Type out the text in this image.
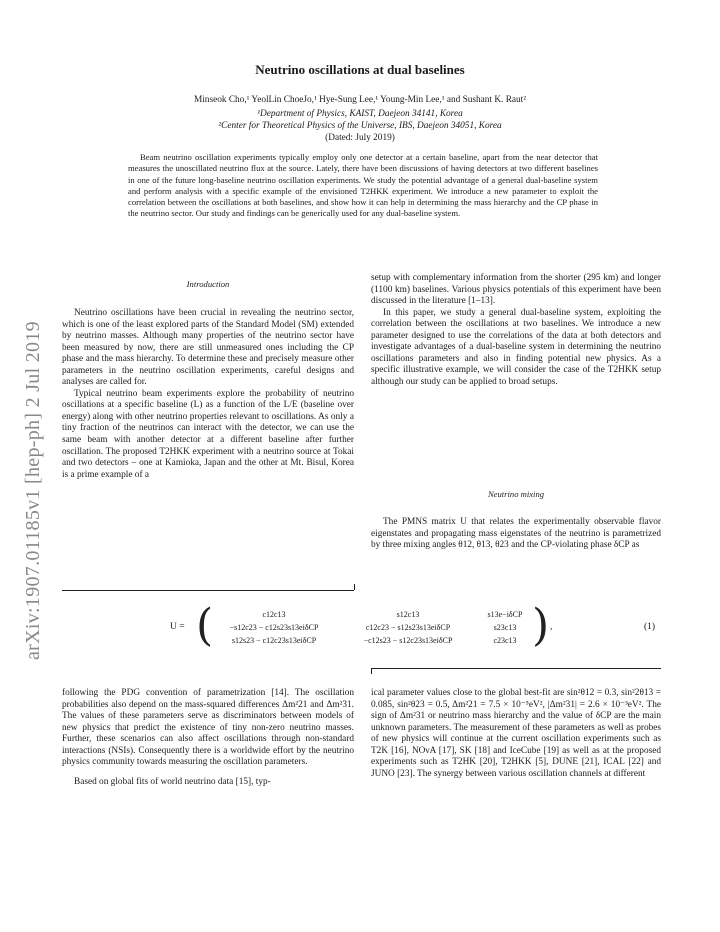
Neutrino oscillations at dual baselines
Minseok Cho,¹ YeolLin ChoeJo,¹ Hye-Sung Lee,¹ Young-Min Lee,¹ and Sushant K. Raut²
¹Department of Physics, KAIST, Daejeon 34141, Korea
²Center for Theoretical Physics of the Universe, IBS, Daejeon 34051, Korea
(Dated: July 2019)
Beam neutrino oscillation experiments typically employ only one detector at a certain baseline, apart from the near detector that measures the unoscillated neutrino flux at the source. Lately, there have been discussions of having detectors at two different baselines in one of the future long-baseline neutrino oscillation experiments. We study the potential advantage of a general dual-baseline system and perform analysis with a specific example of the envisioned T2HKK experiment. We introduce a new parameter to exploit the correlation between the oscillations at both baselines, and show how it can help in determining the mass hierarchy and the CP phase in the neutrino sector. Our study and findings can be generically used for any dual-baseline system.
arXiv:1907.01185v1 [hep-ph] 2 Jul 2019
Introduction

Neutrino oscillations have been crucial in revealing the neutrino sector, which is one of the least explored parts of the Standard Model (SM) extended by neutrino masses. Although many properties of the neutrino sector have been measured by now, there are still unmeasured ones including the CP phase and the mass hierarchy. To determine these and precisely measure other parameters in the neutrino oscillation experiments, careful designs and analyses are called for.

Typical neutrino beam experiments explore the probability of neutrino oscillations at a specific baseline (L) as a function of the L/E (baseline over energy) along with other neutrino properties relevant to oscillations. As only a tiny fraction of the neutrinos can interact with the detector, we can use the same beam with another detector at a different baseline after further oscillation. The proposed T2HKK experiment with a neutrino source at Tokai and two detectors – one at Kamioka, Japan and the other at Mt. Bisul, Korea is a prime example of a

setup with complementary information from the shorter (295 km) and longer (1100 km) baselines. Various physics potentials of this experiment have been discussed in the literature [1–13].

In this paper, we study a general dual-baseline system, exploiting the correlation between the oscillations at two baselines. We introduce a new parameter designed to use the correlations of the data at both detectors and investigate advantages of a dual-baseline system in determining the neutrino oscillations parameters and also in finding potential new physics. As a specific illustrative example, we will consider the case of the T2HKK setup although our study can be applied to broad setups.

Neutrino mixing

The PMNS matrix U that relates the experimentally observable flavor eigenstates and propagating mass eigenstates of the neutrino is parametrized by three mixing angles θ12, θ13, θ23 and the CP-violating phase δCP as

U = (	)
c12c13	s12c13	s13e−iδCP
−s12c23 − c12s23s13eiδCP	c12c23 − s12s23s13eiδCP	s23c13
s12s23 − c12c23s13eiδCP	−c12s23 − s12c23s13eiδCP	c23c13
,	(1)

following the PDG convention of parametrization [14]. The oscillation probabilities also depend on the mass-squared differences Δm²21 and Δm²31. The values of these parameters serve as discriminators between models of new physics that predict the existence of tiny non-zero neutrino masses. Further, these scenarios can also affect oscillations through non-standard interactions (NSIs). Consequently there is a worldwide effort by the neutrino physics community towards measuring the oscillation parameters.

Based on global fits of world neutrino data [15], typ-

ical parameter values close to the global best-fit are sin²θ12 = 0.3, sin²2θ13 = 0.085, sin²θ23 = 0.5, Δm²21 = 7.5 × 10⁻⁵eV², |Δm²31| = 2.6 × 10⁻³eV². The sign of Δm²31 or neutrino mass hierarchy and the value of δCP are the main unknown parameters. The measurement of these parameters as well as probes of new physics will continue at the current oscillation experiments such as T2K [16], NOνA [17], SK [18] and IceCube [19] as well as at the proposed experiments such as T2HK [20], T2HKK [5], DUNE [21], ICAL [22] and JUNO [23]. The synergy between various oscillation channels at different
